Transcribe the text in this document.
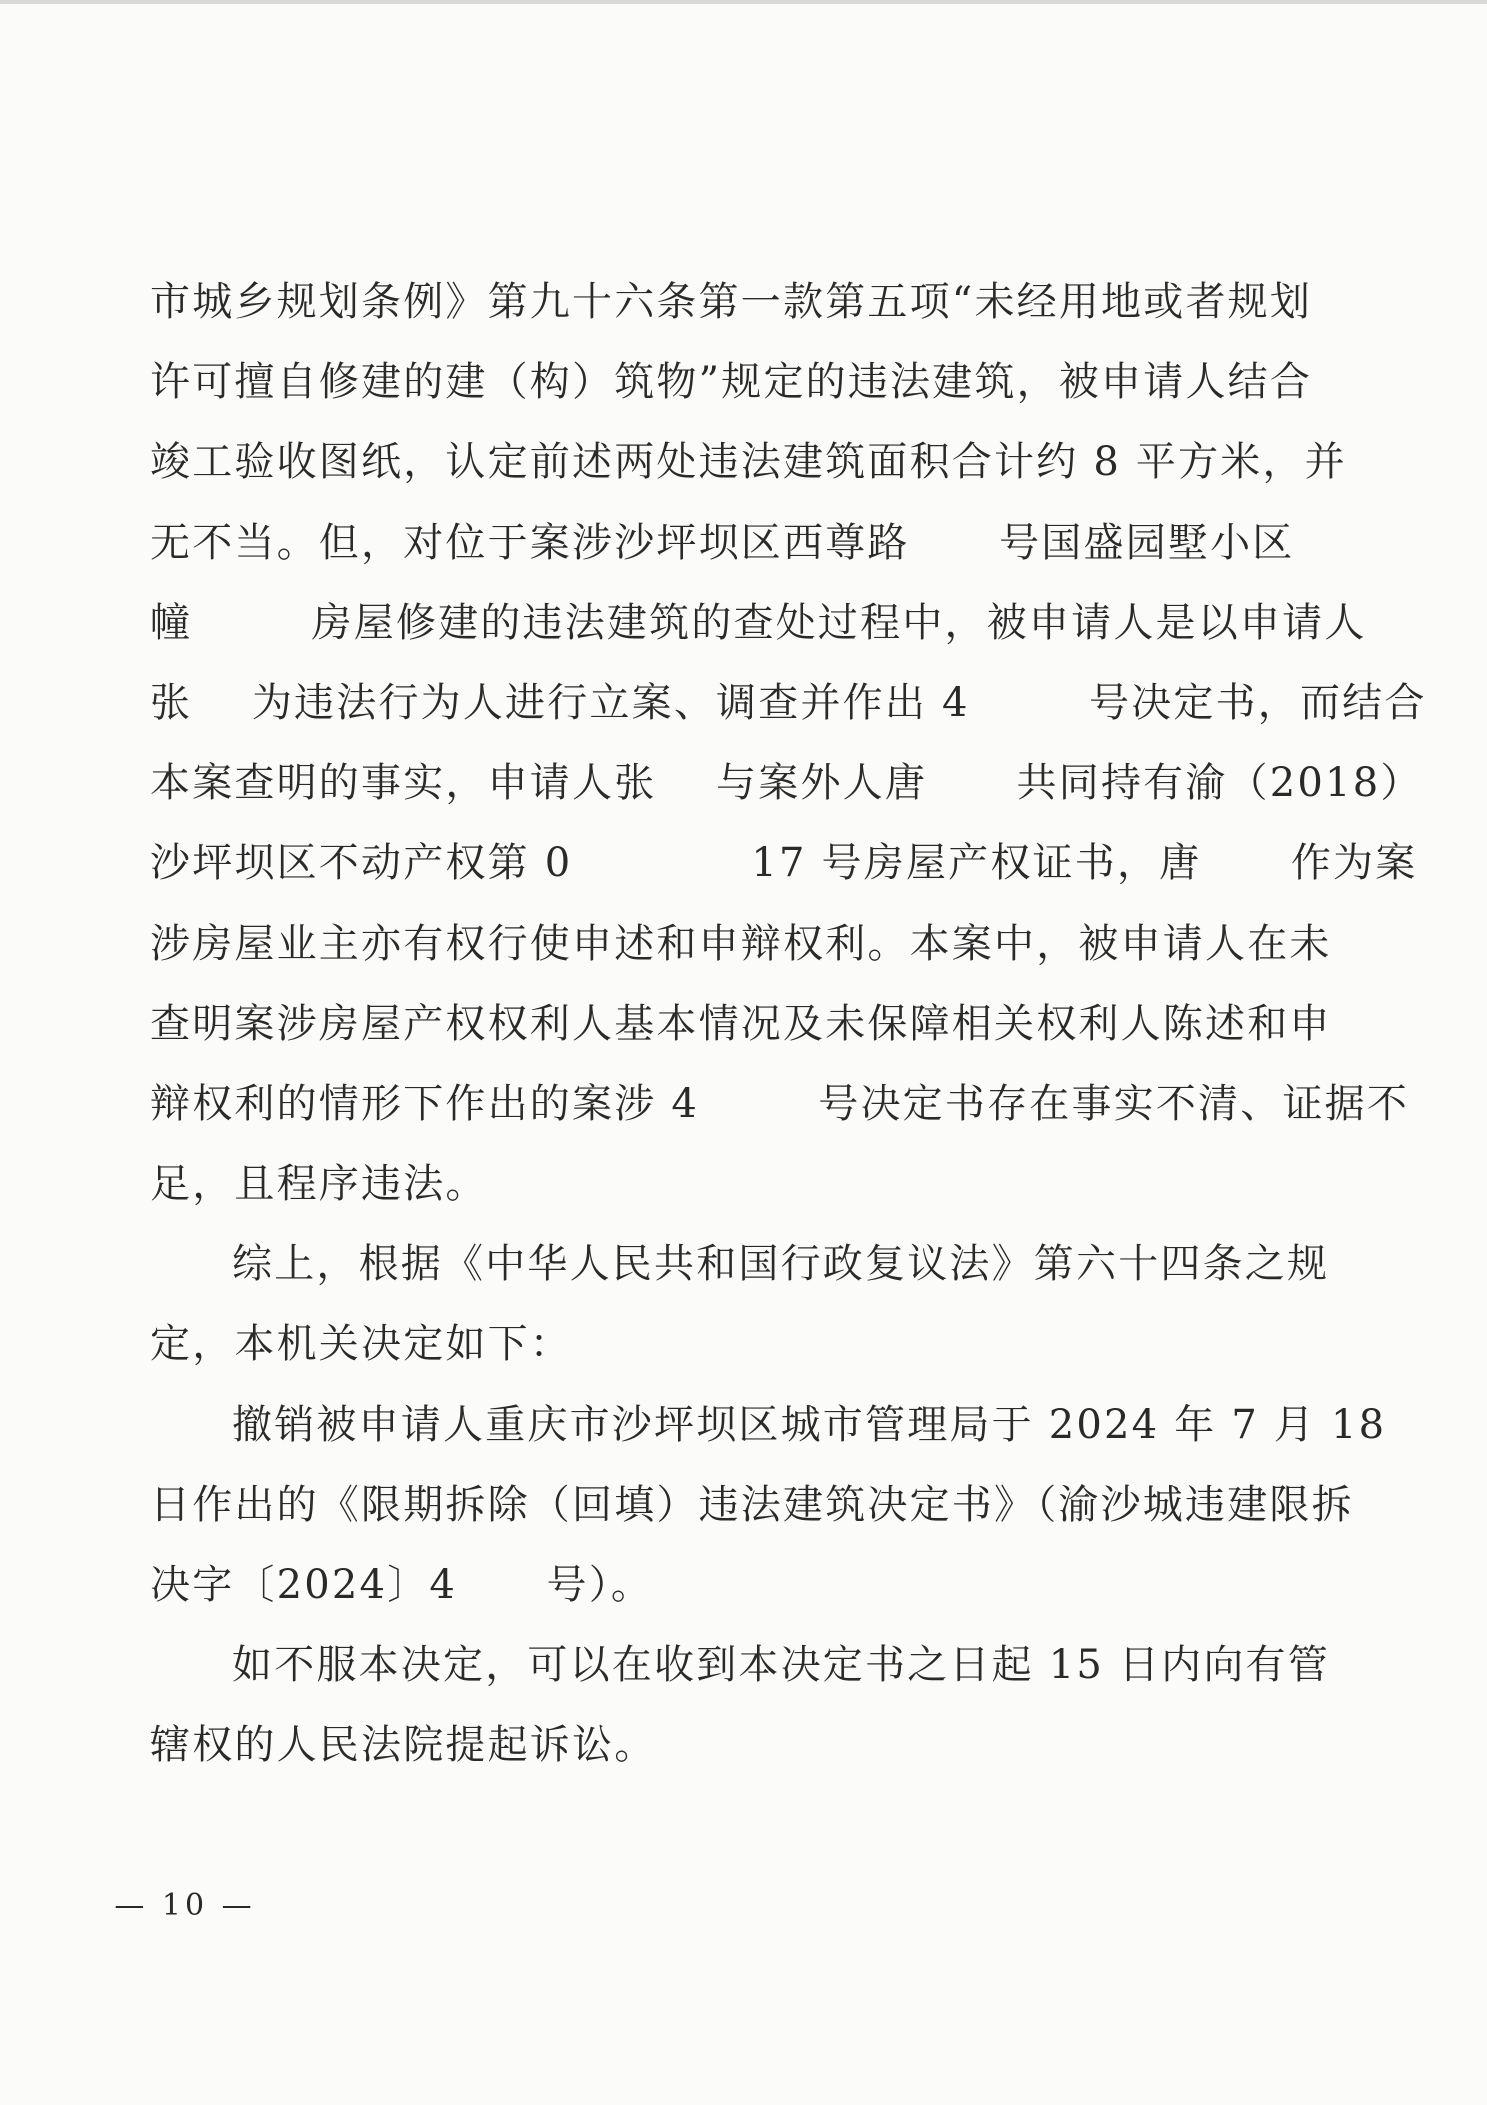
市城乡规划条例》第九十六条第一款第五项“未经用地或者规划
许可擅自修建的建（构）筑物”规定的违法建筑，被申请人结合
竣工验收图纸，认定前述两处违法建筑面积合计约 8 平方米，并
无不当。但，对位于案涉沙坪坝区西尊路      号国盛园墅小区
幢        房屋修建的违法建筑的查处过程中，被申请人是以申请人
张    为违法行为人进行立案、调查并作出 4        号决定书，而结合
本案查明的事实，申请人张    与案外人唐      共同持有渝（2018）
沙坪坝区不动产权第 0            17 号房屋产权证书，唐      作为案
涉房屋业主亦有权行使申述和申辩权利。本案中，被申请人在未
查明案涉房屋产权权利人基本情况及未保障相关权利人陈述和申
辩权利的情形下作出的案涉 4        号决定书存在事实不清、证据不
足，且程序违法。
综上，根据《中华人民共和国行政复议法》第六十四条之规
定，本机关决定如下：
撤销被申请人重庆市沙坪坝区城市管理局于 2024 年 7 月 18
日作出的《限期拆除（回填）违法建筑决定书》（渝沙城违建限拆
决字〔2024〕4      号）。
如不服本决定，可以在收到本决定书之日起 15 日内向有管
辖权的人民法院提起诉讼。
— 10 —
